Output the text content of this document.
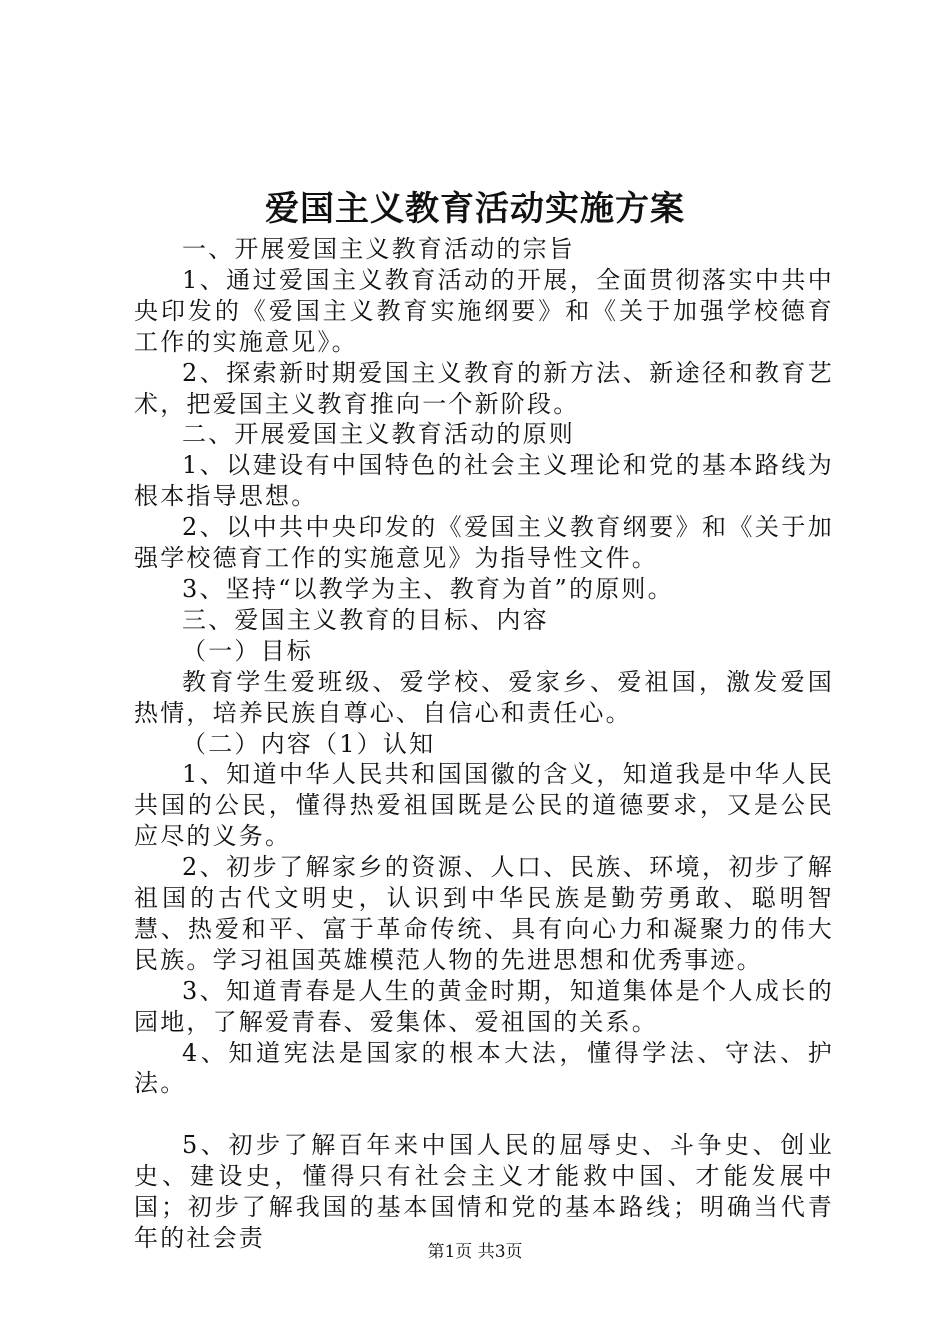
爱国主义教育活动实施方案

一、开展爱国主义教育活动的宗旨

1、通过爱国主义教育活动的开展，全面贯彻落实中共中央印发的《爱国主义教育实施纲要》和《关于加强学校德育工作的实施意见》。

2、探索新时期爱国主义教育的新方法、新途径和教育艺术，把爱国主义教育推向一个新阶段。

二、开展爱国主义教育活动的原则

1、以建设有中国特色的社会主义理论和党的基本路线为根本指导思想。

2、以中共中央印发的《爱国主义教育纲要》和《关于加强学校德育工作的实施意见》为指导性文件。

3、坚持“以教学为主、教育为首”的原则。

三、爱国主义教育的目标、内容

（一）目标

教育学生爱班级、爱学校、爱家乡、爱祖国，激发爱国热情，培养民族自尊心、自信心和责任心。

（二）内容（1）认知

1、知道中华人民共和国国徽的含义，知道我是中华人民共国的公民，懂得热爱祖国既是公民的道德要求，又是公民应尽的义务。

2、初步了解家乡的资源、人口、民族、环境，初步了解祖国的古代文明史，认识到中华民族是勤劳勇敢、聪明智慧、热爱和平、富于革命传统、具有向心力和凝聚力的伟大民族。学习祖国英雄模范人物的先进思想和优秀事迹。

3、知道青春是人生的黄金时期，知道集体是个人成长的园地，了解爱青春、爱集体、爱祖国的关系。

4、知道宪法是国家的根本大法，懂得学法、守法、护法。

5、初步了解百年来中国人民的屈辱史、斗争史、创业史、建设史，懂得只有社会主义才能救中国、才能发展中国；初步了解我国的基本国情和党的基本路线；明确当代青年的社会责	第1页 共3页
